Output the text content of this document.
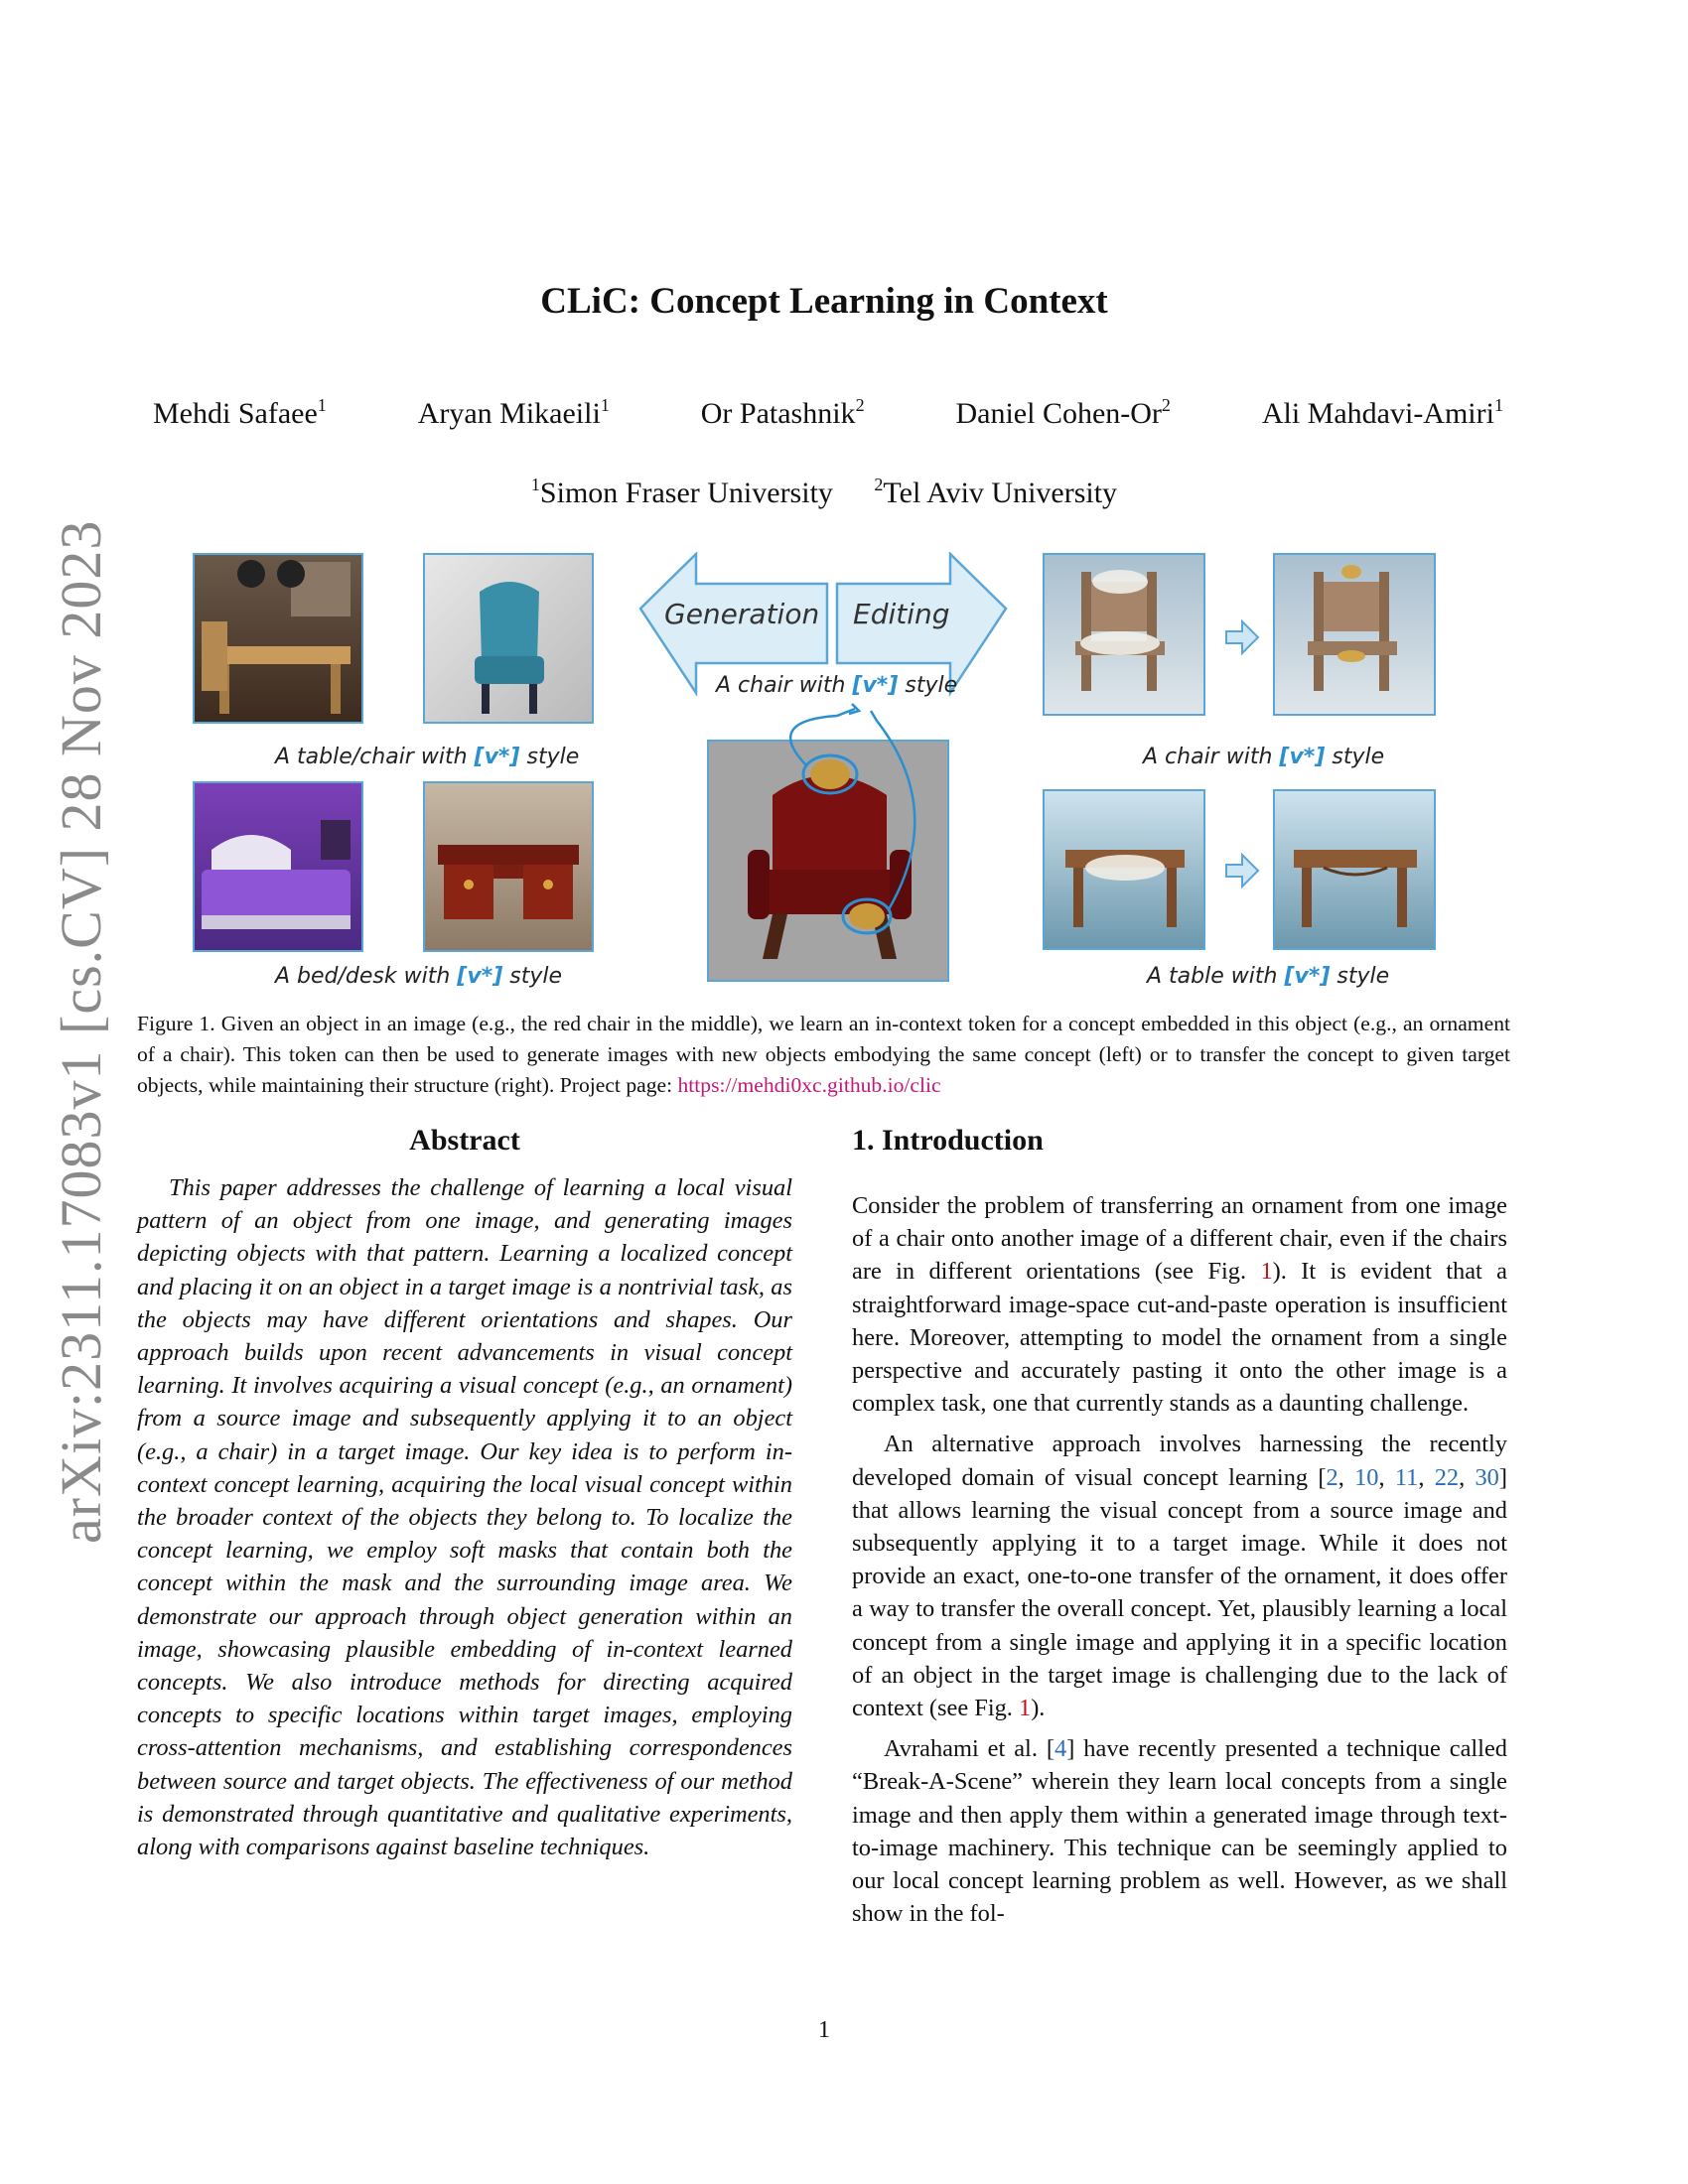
arXiv:2311.17083v1 [cs.CV] 28 Nov 2023
CLiC: Concept Learning in Context
Mehdi Safaee$^1$	Aryan Mikaeili$^1$	Or Patashnik$^2$	Daniel Cohen-Or$^2$	Ali Mahdavi-Amiri$^1$
$^1$Simon Fraser University $^2$Tel Aviv University
Generation Editing
A chair with [v*] style
A table/chair with [v*] style
A bed/desk with [v*] style
A chair with [v*] style
A table with [v*] style
Figure 1. Given an object in an image (e.g., the red chair in the middle), we learn an in-context token for a concept embedded in this object (e.g., an ornament of a chair). This token can then be used to generate images with new objects embodying the same concept (left) or to transfer the concept to given target objects, while maintaining their structure (right). Project page: https://mehdi0xc.github.io/clic
Abstract

This paper addresses the challenge of learning a local visual pattern of an object from one image, and generating images depicting objects with that pattern. Learning a localized concept and placing it on an object in a target image is a nontrivial task, as the objects may have different orientations and shapes. Our approach builds upon recent advancements in visual concept learning. It involves acquiring a visual concept (e.g., an ornament) from a source image and subsequently applying it to an object (e.g., a chair) in a target image. Our key idea is to perform in-context concept learning, acquiring the local visual concept within the broader context of the objects they belong to. To localize the concept learning, we employ soft masks that contain both the concept within the mask and the surrounding image area. We demonstrate our approach through object generation within an image, showcasing plausible embedding of in-context learned concepts. We also introduce methods for directing acquired concepts to specific locations within target images, employing cross-attention mechanisms, and establishing correspondences between source and target objects. The effectiveness of our method is demonstrated through quantitative and qualitative experiments, along with comparisons against baseline techniques.

1. Introduction

Consider the problem of transferring an ornament from one image of a chair onto another image of a different chair, even if the chairs are in different orientations (see Fig. 1). It is evident that a straightforward image-space cut-and-paste operation is insufficient here. Moreover, attempting to model the ornament from a single perspective and accurately pasting it onto the other image is a complex task, one that currently stands as a daunting challenge.

An alternative approach involves harnessing the recently developed domain of visual concept learning [2, 10, 11, 22, 30] that allows learning the visual concept from a source image and subsequently applying it to a target image. While it does not provide an exact, one-to-one transfer of the ornament, it does offer a way to transfer the overall concept. Yet, plausibly learning a local concept from a single image and applying it in a specific location of an object in the target image is challenging due to the lack of context (see Fig. 1).

Avrahami et al. [4] have recently presented a technique called “Break-A-Scene” wherein they learn local concepts from a single image and then apply them within a generated image through text-to-image machinery. This technique can be seemingly applied to our local concept learning problem as well. However, as we shall show in the fol-

1
